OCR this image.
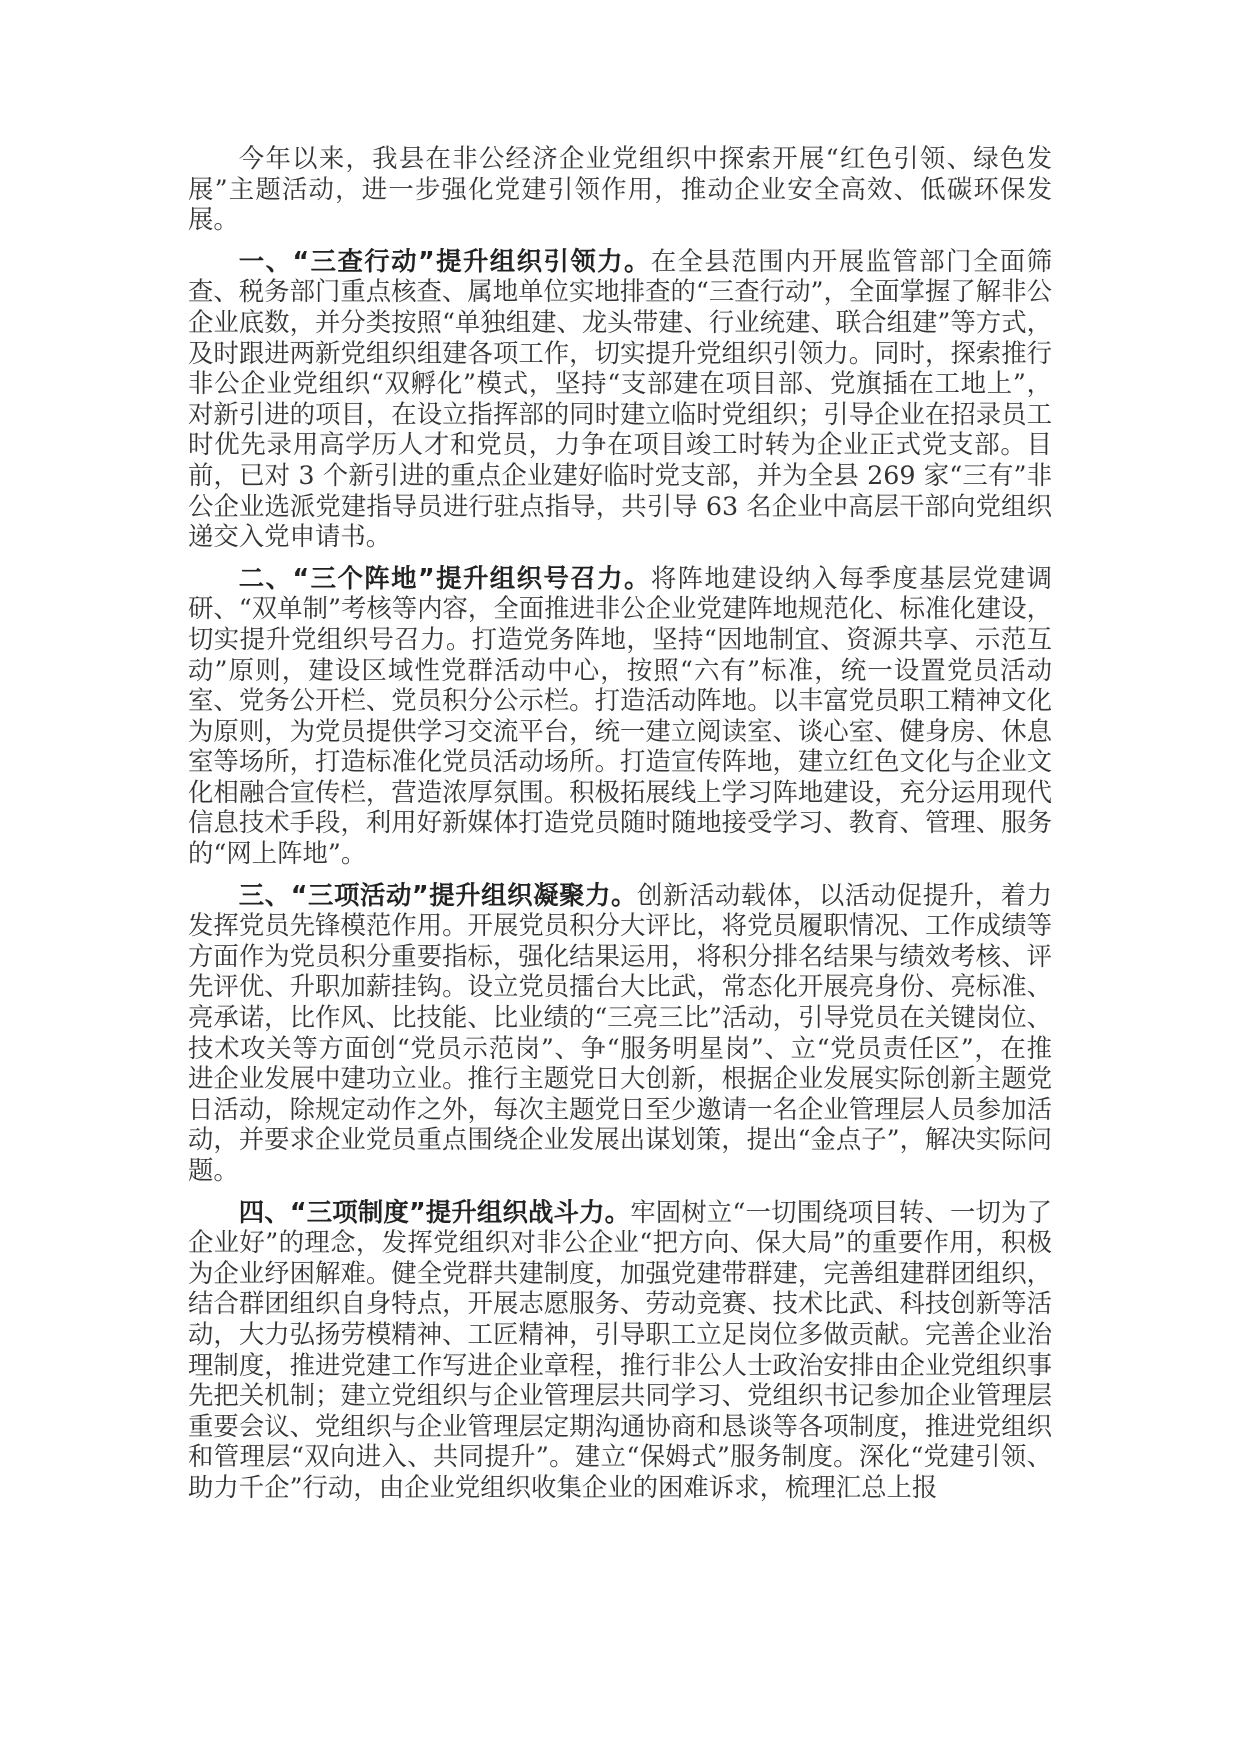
今年以来，我县在非公经济企业党组织中探索开展“红色引领、绿色发展”主题活动，进一步强化党建引领作用，推动企业安全高效、低碳环保发展。

一、“三查行动”提升组织引领力。在全县范围内开展监管部门全面筛查、税务部门重点核查、属地单位实地排查的“三查行动”，全面掌握了解非公企业底数，并分类按照“单独组建、龙头带建、行业统建、联合组建”等方式，及时跟进两新党组织组建各项工作，切实提升党组织引领力。同时，探索推行非公企业党组织“双孵化”模式，坚持“支部建在项目部、党旗插在工地上”，对新引进的项目，在设立指挥部的同时建立临时党组织；引导企业在招录员工时优先录用高学历人才和党员，力争在项目竣工时转为企业正式党支部。目前，已对 3 个新引进的重点企业建好临时党支部，并为全县 269 家“三有”非公企业选派党建指导员进行驻点指导，共引导 63 名企业中高层干部向党组织递交入党申请书。

二、“三个阵地”提升组织号召力。将阵地建设纳入每季度基层党建调研、“双单制”考核等内容，全面推进非公企业党建阵地规范化、标准化建设，切实提升党组织号召力。打造党务阵地，坚持“因地制宜、资源共享、示范互动”原则，建设区域性党群活动中心，按照“六有”标准，统一设置党员活动室、党务公开栏、党员积分公示栏。打造活动阵地。以丰富党员职工精神文化为原则，为党员提供学习交流平台，统一建立阅读室、谈心室、健身房、休息室等场所，打造标准化党员活动场所。打造宣传阵地，建立红色文化与企业文化相融合宣传栏，营造浓厚氛围。积极拓展线上学习阵地建设，充分运用现代信息技术手段，利用好新媒体打造党员随时随地接受学习、教育、管理、服务的“网上阵地”。

三、“三项活动”提升组织凝聚力。创新活动载体，以活动促提升，着力发挥党员先锋模范作用。开展党员积分大评比，将党员履职情况、工作成绩等方面作为党员积分重要指标，强化结果运用，将积分排名结果与绩效考核、评先评优、升职加薪挂钩。设立党员擂台大比武，常态化开展亮身份、亮标准、亮承诺，比作风、比技能、比业绩的“三亮三比”活动，引导党员在关键岗位、技术攻关等方面创“党员示范岗”、争“服务明星岗”、立“党员责任区”，在推进企业发展中建功立业。推行主题党日大创新，根据企业发展实际创新主题党日活动，除规定动作之外，每次主题党日至少邀请一名企业管理层人员参加活动，并要求企业党员重点围绕企业发展出谋划策，提出“金点子”，解决实际问题。

四、“三项制度”提升组织战斗力。牢固树立“一切围绕项目转、一切为了企业好”的理念，发挥党组织对非公企业“把方向、保大局”的重要作用，积极为企业纾困解难。健全党群共建制度，加强党建带群建，完善组建群团组织，结合群团组织自身特点，开展志愿服务、劳动竞赛、技术比武、科技创新等活动，大力弘扬劳模精神、工匠精神，引导职工立足岗位多做贡献。完善企业治理制度，推进党建工作写进企业章程，推行非公人士政治安排由企业党组织事先把关机制；建立党组织与企业管理层共同学习、党组织书记参加企业管理层重要会议、党组织与企业管理层定期沟通协商和恳谈等各项制度，推进党组织和管理层“双向进入、共同提升”。建立“保姆式”服务制度。深化“党建引领、助力千企”行动，由企业党组织收集企业的困难诉求，梳理汇总上报
